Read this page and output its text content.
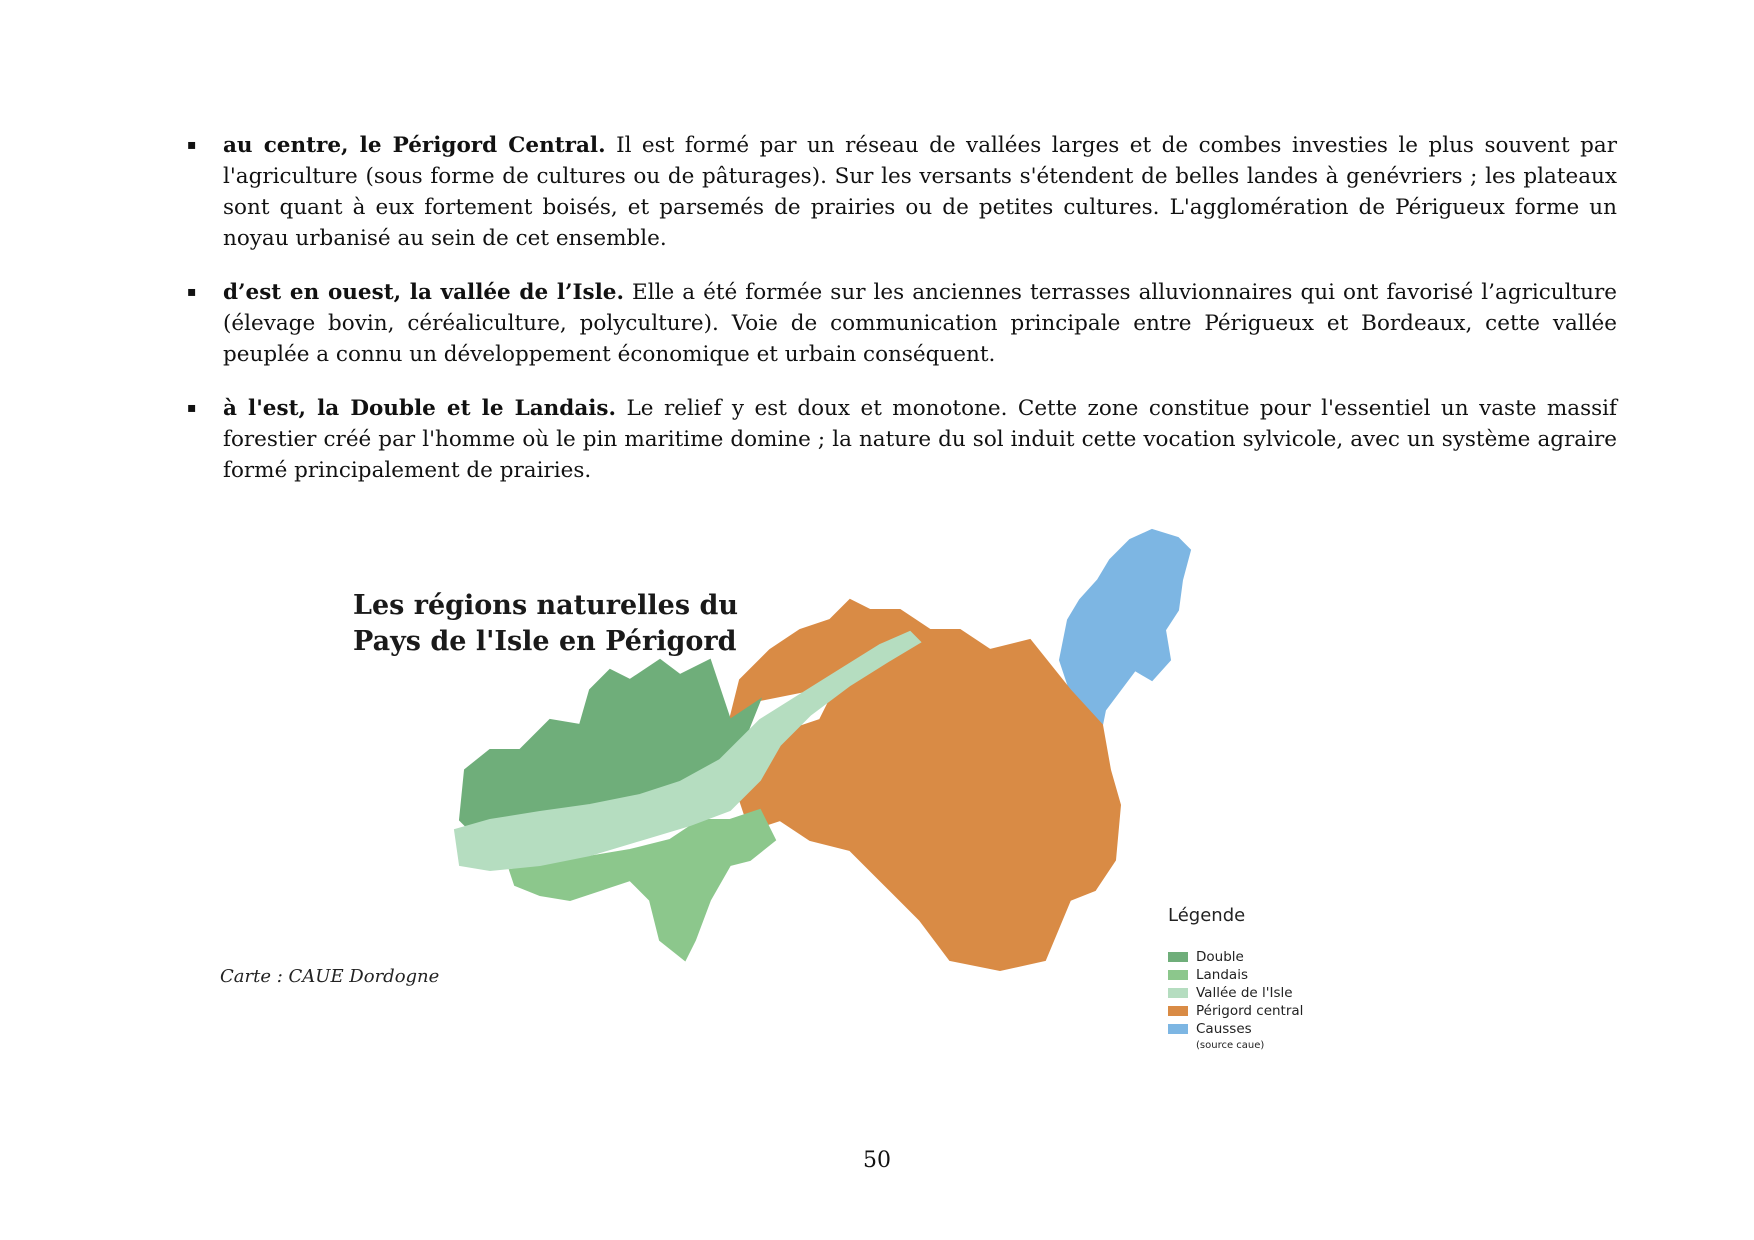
▪ au centre, le Périgord Central. Il est formé par un réseau de vallées larges et de combes investies le plus souvent par l'agriculture (sous forme de cultures ou de pâturages). Sur les versants s'étendent de belles landes à genévriers ; les plateaux sont quant à eux fortement boisés, et parsemés de prairies ou de petites cultures. L'agglomération de Périgueux forme un noyau urbanisé au sein de cet ensemble.
▪ d’est en ouest, la vallée de l’Isle. Elle a été formée sur les anciennes terrasses alluvionnaires qui ont favorisé l’agriculture (élevage bovin, céréaliculture, polyculture). Voie de communication principale entre Périgueux et Bordeaux, cette vallée peuplée a connu un développement économique et urbain conséquent.
▪ à l'est, la Double et le Landais. Le relief y est doux et monotone. Cette zone constitue pour l'essentiel un vaste massif forestier créé par l'homme où le pin maritime domine ; la nature du sol induit cette vocation sylvicole, avec un système agraire formé principalement de prairies.
Les régions naturelles du
Pays de l'Isle en Périgord
Carte : CAUE Dordogne
Légende
Double
Landais
Vallée de l'Isle
Périgord central
Causses
(source caue)
50
